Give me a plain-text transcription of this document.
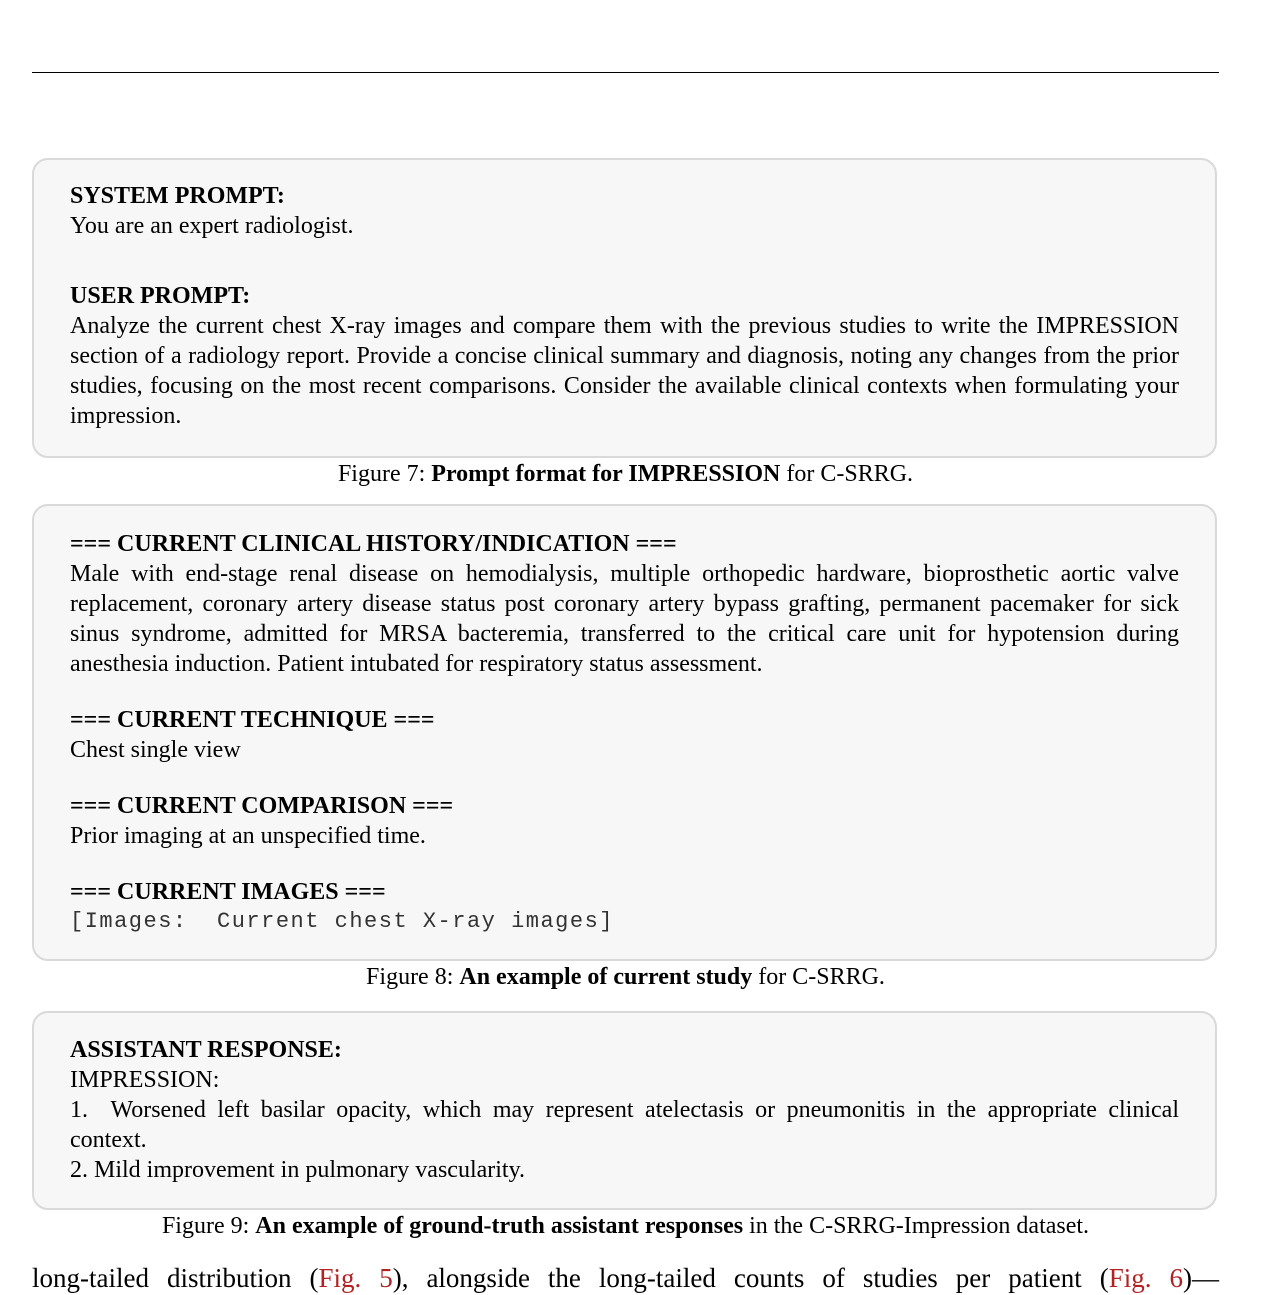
SYSTEM PROMPT:

You are an expert radiologist.

USER PROMPT:

Analyze the current chest X-ray images and compare them with the previous studies to write the IMPRESSION section of a radiology report. Provide a concise clinical summary and diagnosis, noting any changes from the prior studies, focusing on the most recent comparisons. Consider the available clinical contexts when formulating your impression.

Figure 7: Prompt format for IMPRESSION for C-SRRG.

=== CURRENT CLINICAL HISTORY/INDICATION ===

Male with end-stage renal disease on hemodialysis, multiple orthopedic hardware, bioprosthetic aortic valve replacement, coronary artery disease status post coronary artery bypass grafting, permanent pacemaker for sick sinus syndrome, admitted for MRSA bacteremia, transferred to the critical care unit for hypotension during anesthesia induction. Patient intubated for respiratory status assessment.

=== CURRENT TECHNIQUE ===

Chest single view

=== CURRENT COMPARISON ===

Prior imaging at an unspecified time.

=== CURRENT IMAGES ===

[Images:  Current chest X-ray images]

Figure 8: An example of current study for C-SRRG.

ASSISTANT RESPONSE:

IMPRESSION:

1.  Worsened left basilar opacity, which may represent atelectasis or pneumonitis in the appropriate clinical context.

2. Mild improvement in pulmonary vascularity.

Figure 9: An example of ground-truth assistant responses in the C-SRRG-Impression dataset.
long-tailed distribution (Fig. 5), alongside the long-tailed counts of studies per patient (Fig. 6)—
